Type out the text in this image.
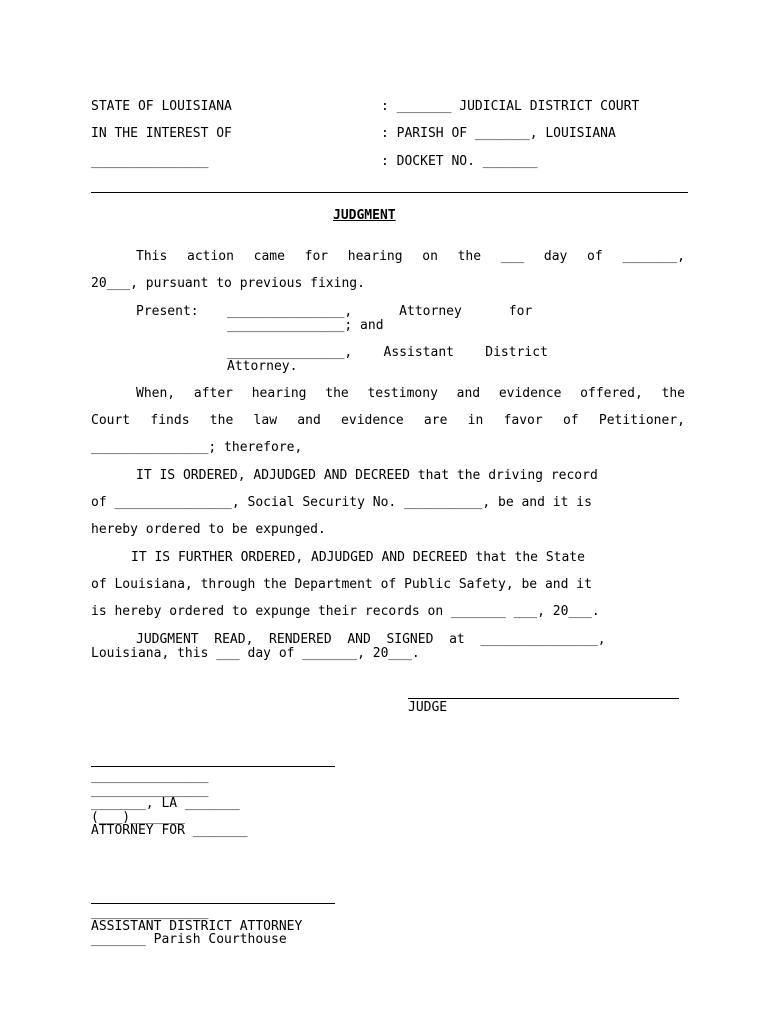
STATE OF LOUISIANA
IN THE INTEREST OF
_______________
: _______ JUDICIAL DISTRICT COURT
: PARISH OF _______, LOUISIANA
: DOCKET NO. _______
JUDGMENT
This action came for hearing on the ___ day of _______,
20___, pursuant to previous fixing.
Present: _______________,      Attorney      for
_______________; and
_______________,    Assistant    District
Attorney.
When, after hearing the testimony and evidence offered, the
Court finds the law and evidence are in favor of Petitioner,
_______________; therefore,
IT IS ORDERED, ADJUDGED AND DECREED that the driving record
of _______________, Social Security No. __________, be and it is
hereby ordered to be expunged.
IT IS FURTHER ORDERED, ADJUDGED AND DECREED that the State
of Louisiana, through the Department of Public Safety, be and it
is hereby ordered to expunge their records on _______ ___, 20___.
JUDGMENT  READ,  RENDERED  AND  SIGNED  at  _______________,
Louisiana, this ___ day of _______, 20___.
JUDGE
_______________
_______________
_______, LA _______
(___)_______
ATTORNEY FOR _______
_______________
ASSISTANT DISTRICT ATTORNEY
_______ Parish Courthouse
